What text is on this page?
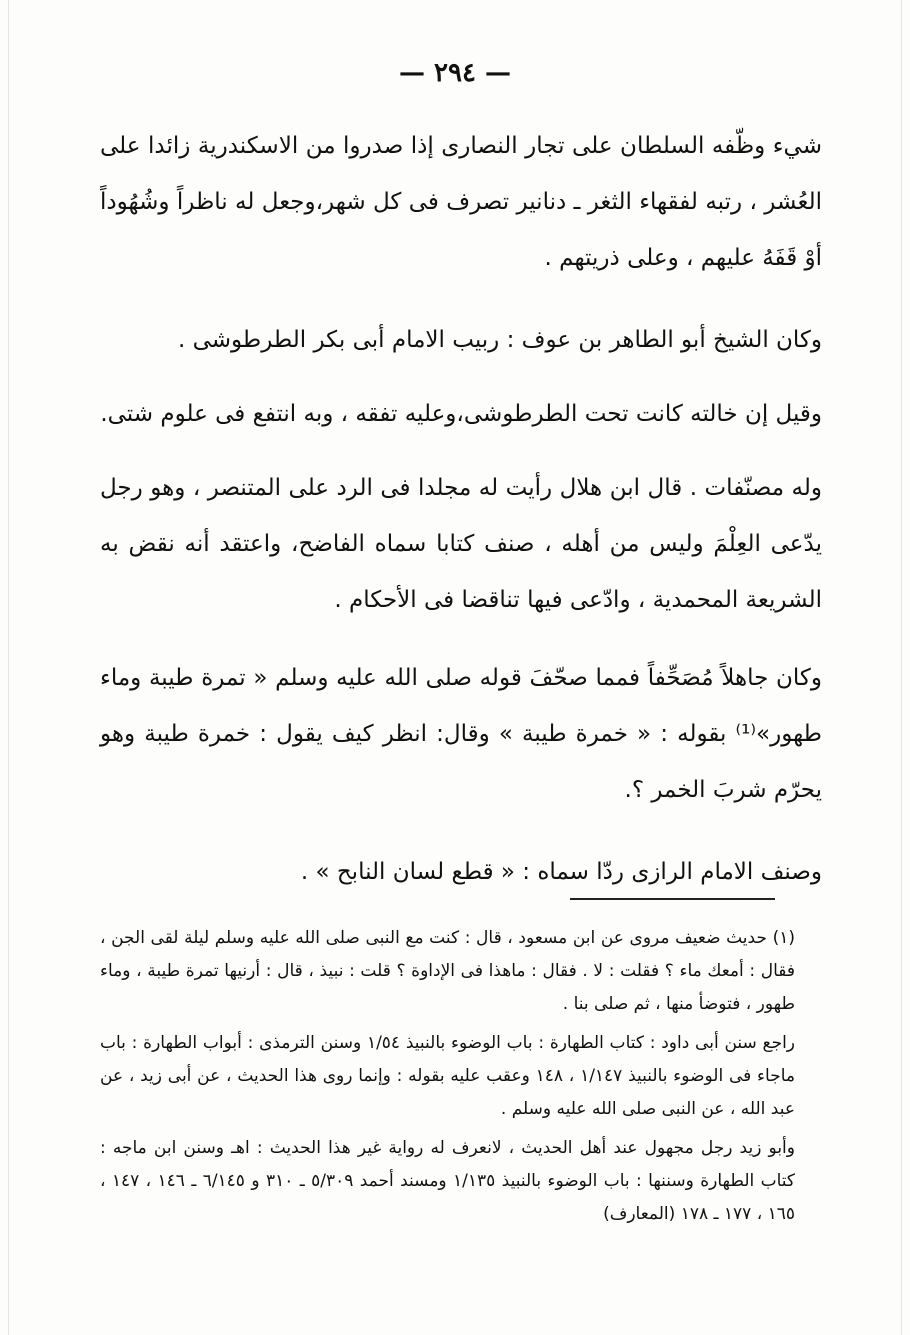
— ٢٩٤ —

شيء وظّفه السلطان على تجار النصارى إذا صدروا من الاسكندرية زائدا على العُشر ، رتبه لفقهاء الثغر ـ دنانير تصرف فى كل شهر،وجعل له ناظراً وشُهُوداً أوْ قَفَهُ عليهم ، وعلى ذريتهم .

وكان الشيخ أبو الطاهر بن عوف : ربيب الامام أبى بكر الطرطوشى .

وقيل إن خالته كانت تحت الطرطوشى،وعليه تفقه ، وبه انتفع فى علوم شتى.

وله مصنّفات . قال ابن هلال رأيت له مجلدا فى الرد على المتنصر ، وهو رجل يدّعى العِلْمَ وليس من أهله ، صنف كتابا سماه الفاضح، واعتقد أنه نقض به الشريعة المحمدية ، وادّعى فيها تناقضا فى الأحكام .

وكان جاهلاً مُصَحِّفاً فمما صحّفَ قوله صلى الله عليه وسلم « تمرة طيبة وماء طهور»⁽¹⁾ بقوله : « خمرة طيبة » وقال: انظر كيف يقول : خمرة طيبة وهو يحرّم شربَ الخمر ؟.

وصنف الامام الرازى ردّا سماه : « قطع لسان النابح » .

(١) حديث ضعيف مروى عن ابن مسعود ، قال : كنت مع النبى صلى الله عليه وسلم ليلة لقى الجن ، فقال : أمعك ماء ؟ فقلت : لا . فقال : ماهذا فى الإداوة ؟ قلت : نبيذ ، قال : أرنيها تمرة طيبة ، وماء طهور ، فتوضأ منها ، ثم صلى بنا .

راجع سنن أبى داود : كتاب الطهارة : باب الوضوء بالنبيذ ١/٥٤ وسنن الترمذى : أبواب الطهارة : باب ماجاء فى الوضوء بالنبيذ ١/١٤٧ ، ١٤٨ وعقب عليه بقوله : وإنما روى هذا الحديث ، عن أبى زيد ، عن عبد الله ، عن النبى صلى الله عليه وسلم .

وأبو زيد رجل مجهول عند أهل الحديث ، لانعرف له رواية غير هذا الحديث : اهـ وسنن ابن ماجه : كتاب الطهارة وسننها : باب الوضوء بالنبيذ ١/١٣٥ ومسند أحمد ٥/٣٠٩ ـ ٣١٠ و ٦/١٤٥ ـ ١٤٦ ، ١٤٧ ، ١٦٥ ، ١٧٧ ـ ١٧٨ (المعارف)
